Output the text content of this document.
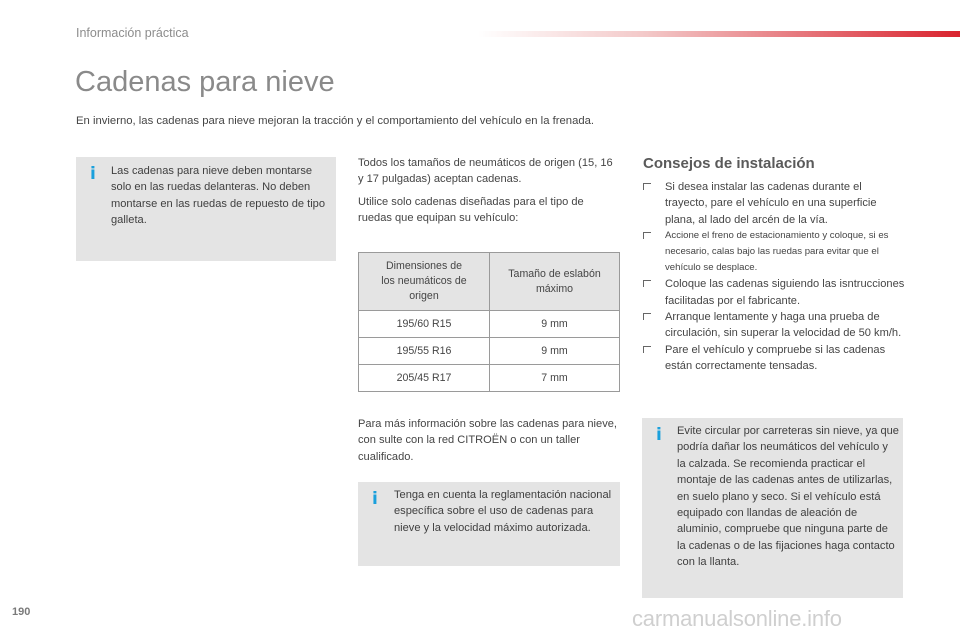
Información práctica
Cadenas para nieve
En invierno, las cadenas para nieve mejoran la tracción y el comportamiento del vehículo en la frenada.
i Las cadenas para nieve deben montarse solo en las ruedas delanteras. No deben montarse en las ruedas de repuesto de tipo galleta.
Todos los tamaños de neumáticos de origen (15, 16 y 17 pulgadas) aceptan cadenas.
Utilice solo cadenas diseñadas para el tipo de ruedas que equipan su vehículo:
Dimensiones de los neumáticos de origen	Tamaño de eslabón máximo

195/60 R15	9 mm
195/55 R16	9 mm
205/45 R17	7 mm
Para más información sobre las cadenas para nieve, con sulte con la red CITROËN o con un taller cualificado.
i Tenga en cuenta la reglamentación nacional específica sobre el uso de cadenas para nieve y la velocidad máximo autorizada.
Consejos de instalación
Si desea instalar las cadenas durante el trayecto, pare el vehículo en una superficie plana, al lado del arcén de la vía.
Accione el freno de estacionamiento y coloque, si es necesario, calas bajo las ruedas para evitar que el vehículo se desplace.
Coloque las cadenas siguiendo las isntrucciones facilitadas por el fabricante.
Arranque lentamente y haga una prueba de circulación, sin superar la velocidad de 50 km/h.
Pare el vehículo y compruebe si las cadenas están correctamente tensadas.
i Evite circular por carreteras sin nieve, ya que podría dañar los neumáticos del vehículo y la calzada. Se recomienda practicar el montaje de las cadenas antes de utilizarlas, en suelo plano y seco. Si el vehículo está equipado con llandas de aleación de aluminio, compruebe que ninguna parte de la cadenas o de las fijaciones haga contacto con la llanta.
190	carmanualsonline.info
